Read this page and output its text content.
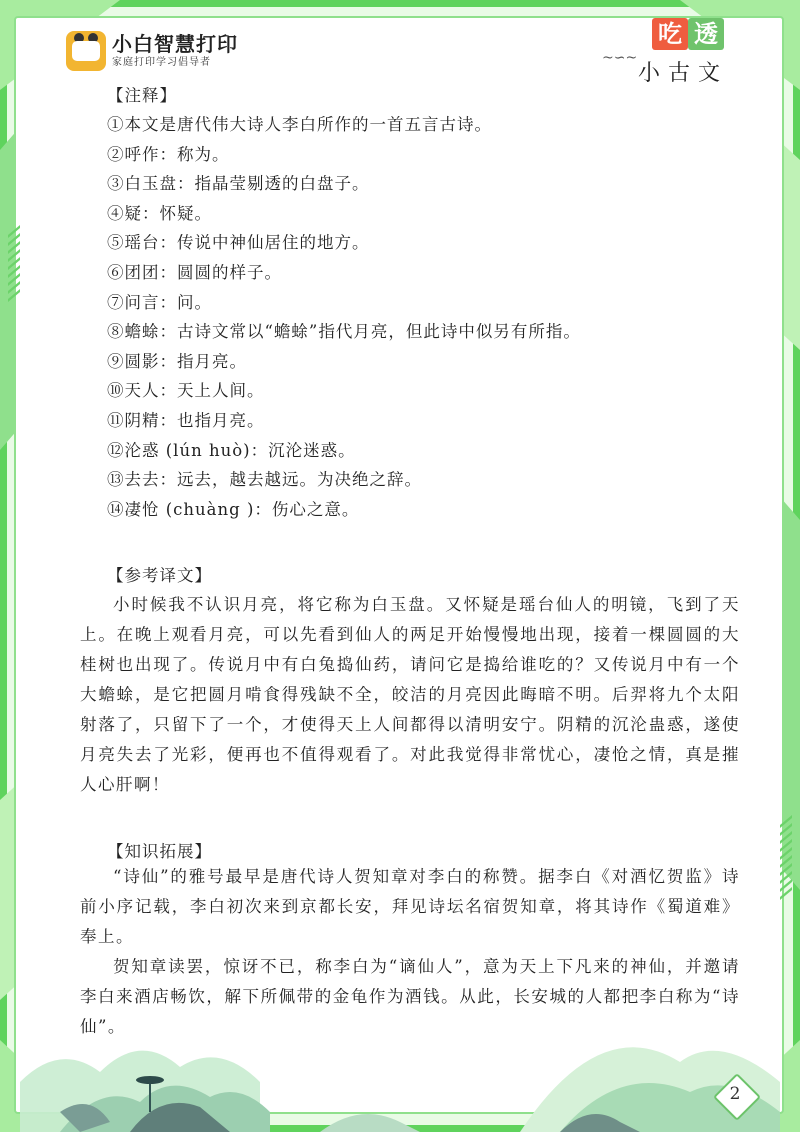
小白智慧打印
家庭打印学习倡导者	~∽~
吃 透
小古文
【注释】
①本文是唐代伟大诗人李白所作的一首五言古诗。
②呼作：称为。
③白玉盘：指晶莹剔透的白盘子。
④疑：怀疑。
⑤瑶台：传说中神仙居住的地方。
⑥团团：圆圆的样子。
⑦问言：问。
⑧蟾蜍：古诗文常以“蟾蜍”指代月亮，但此诗中似另有所指。
⑨圆影：指月亮。
⑩天人：天上人间。
⑪阴精：也指月亮。
⑫沦惑 (lún huò)：沉沦迷惑。
⑬去去：远去，越去越远。为决绝之辞。
⑭凄怆 (chuàng )：伤心之意。
【参考译文】

小时候我不认识月亮，将它称为白玉盘。又怀疑是瑶台仙人的明镜，飞到了天上。在晚上观看月亮，可以先看到仙人的两足开始慢慢地出现，接着一棵圆圆的大桂树也出现了。传说月中有白兔捣仙药，请问它是捣给谁吃的？又传说月中有一个大蟾蜍，是它把圆月啃食得残缺不全，皎洁的月亮因此晦暗不明。后羿将九个太阳射落了，只留下了一个，才使得天上人间都得以清明安宁。阴精的沉沦蛊惑，遂使月亮失去了光彩，便再也不值得观看了。对此我觉得非常忧心，凄怆之情，真是摧人心肝啊！

【知识拓展】

“诗仙”的雅号最早是唐代诗人贺知章对李白的称赞。据李白《对酒忆贺监》诗前小序记载，李白初次来到京都长安，拜见诗坛名宿贺知章，将其诗作《蜀道难》奉上。

贺知章读罢，惊讶不已，称李白为“谪仙人”，意为天上下凡来的神仙，并邀请李白来酒店畅饮，解下所佩带的金龟作为酒钱。从此，长安城的人都把李白称为“诗仙”。

2
